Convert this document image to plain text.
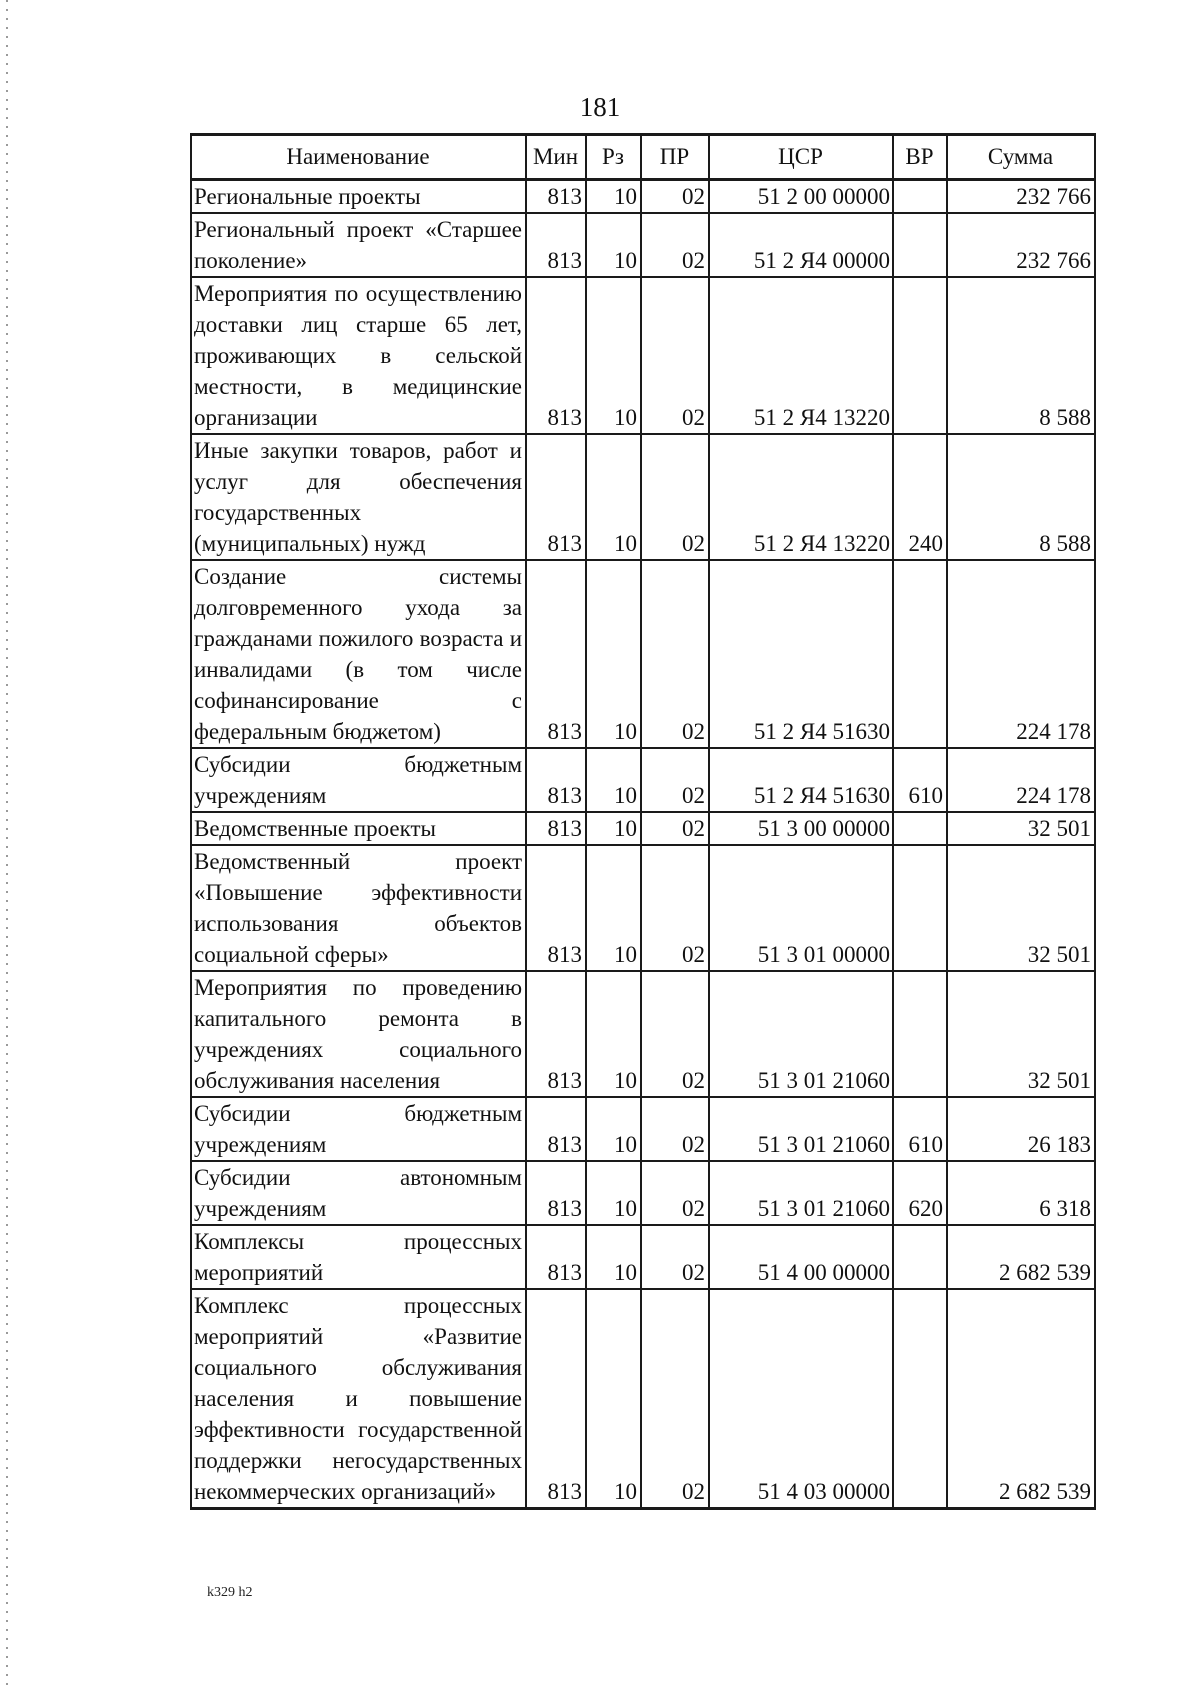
181
Наименование	Мин	Рз	ПР	ЦСР	ВР	Сумма
Региональные проекты	813	10	02	51 2 00 00000		232 766
Региональный проект «Старшее поколение»	813	10	02	51 2 Я4 00000		232 766
Мероприятия по осуществлению доставки лиц старше 65 лет, проживающих в сельской местности, в медицинские организации	813	10	02	51 2 Я4 13220		8 588
Иные закупки товаров, работ и услуг для обеспечения государственных (муниципальных) нужд	813	10	02	51 2 Я4 13220	240	8 588
Создание системы долговременного ухода за гражданами пожилого возраста и инвалидами (в том числе софинансирование с федеральным бюджетом)	813	10	02	51 2 Я4 51630		224 178
Субсидии бюджетным учреждениям	813	10	02	51 2 Я4 51630	610	224 178
Ведомственные проекты	813	10	02	51 3 00 00000		32 501
Ведомственный проект «Повышение эффективности использования объектов социальной сферы»	813	10	02	51 3 01 00000		32 501
Мероприятия по проведению капитального ремонта в учреждениях социального обслуживания населения	813	10	02	51 3 01 21060		32 501
Субсидии бюджетным учреждениям	813	10	02	51 3 01 21060	610	26 183
Субсидии автономным учреждениям	813	10	02	51 3 01 21060	620	6 318
Комплексы процессных мероприятий	813	10	02	51 4 00 00000		2 682 539
Комплекс процессных мероприятий «Развитие социального обслуживания населения и повышение эффективности государственной поддержки негосударственных некоммерческих организаций»	813	10	02	51 4 03 00000		2 682 539
k329 h2
